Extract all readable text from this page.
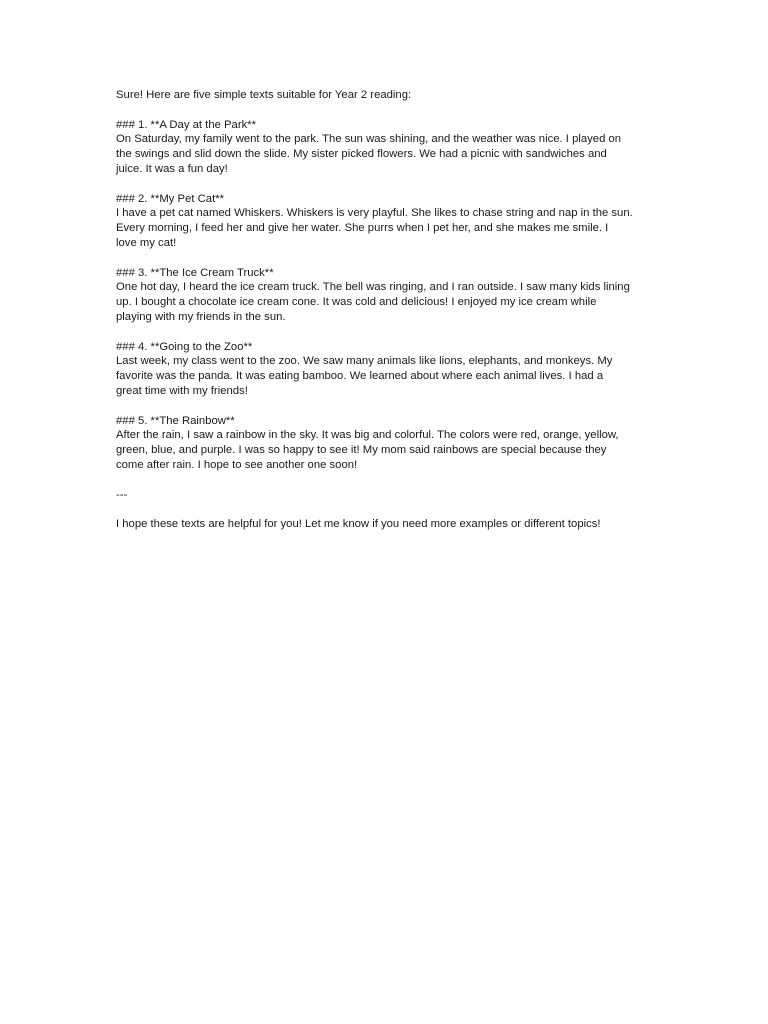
Sure! Here are five simple texts suitable for Year 2 reading:

### 1. **A Day at the Park**
On Saturday, my family went to the park. The sun was shining, and the weather was nice. I played on
the swings and slid down the slide. My sister picked flowers. We had a picnic with sandwiches and
juice. It was a fun day!
### 2. **My Pet Cat**
I have a pet cat named Whiskers. Whiskers is very playful. She likes to chase string and nap in the sun.
Every morning, I feed her and give her water. She purrs when I pet her, and she makes me smile. I
love my cat!
### 3. **The Ice Cream Truck**
One hot day, I heard the ice cream truck. The bell was ringing, and I ran outside. I saw many kids lining
up. I bought a chocolate ice cream cone. It was cold and delicious! I enjoyed my ice cream while
playing with my friends in the sun.
### 4. **Going to the Zoo**
Last week, my class went to the zoo. We saw many animals like lions, elephants, and monkeys. My
favorite was the panda. It was eating bamboo. We learned about where each animal lives. I had a
great time with my friends!
### 5. **The Rainbow**
After the rain, I saw a rainbow in the sky. It was big and colorful. The colors were red, orange, yellow,
green, blue, and purple. I was so happy to see it! My mom said rainbows are special because they
come after rain. I hope to see another one soon!

---

I hope these texts are helpful for you! Let me know if you need more examples or different topics!
